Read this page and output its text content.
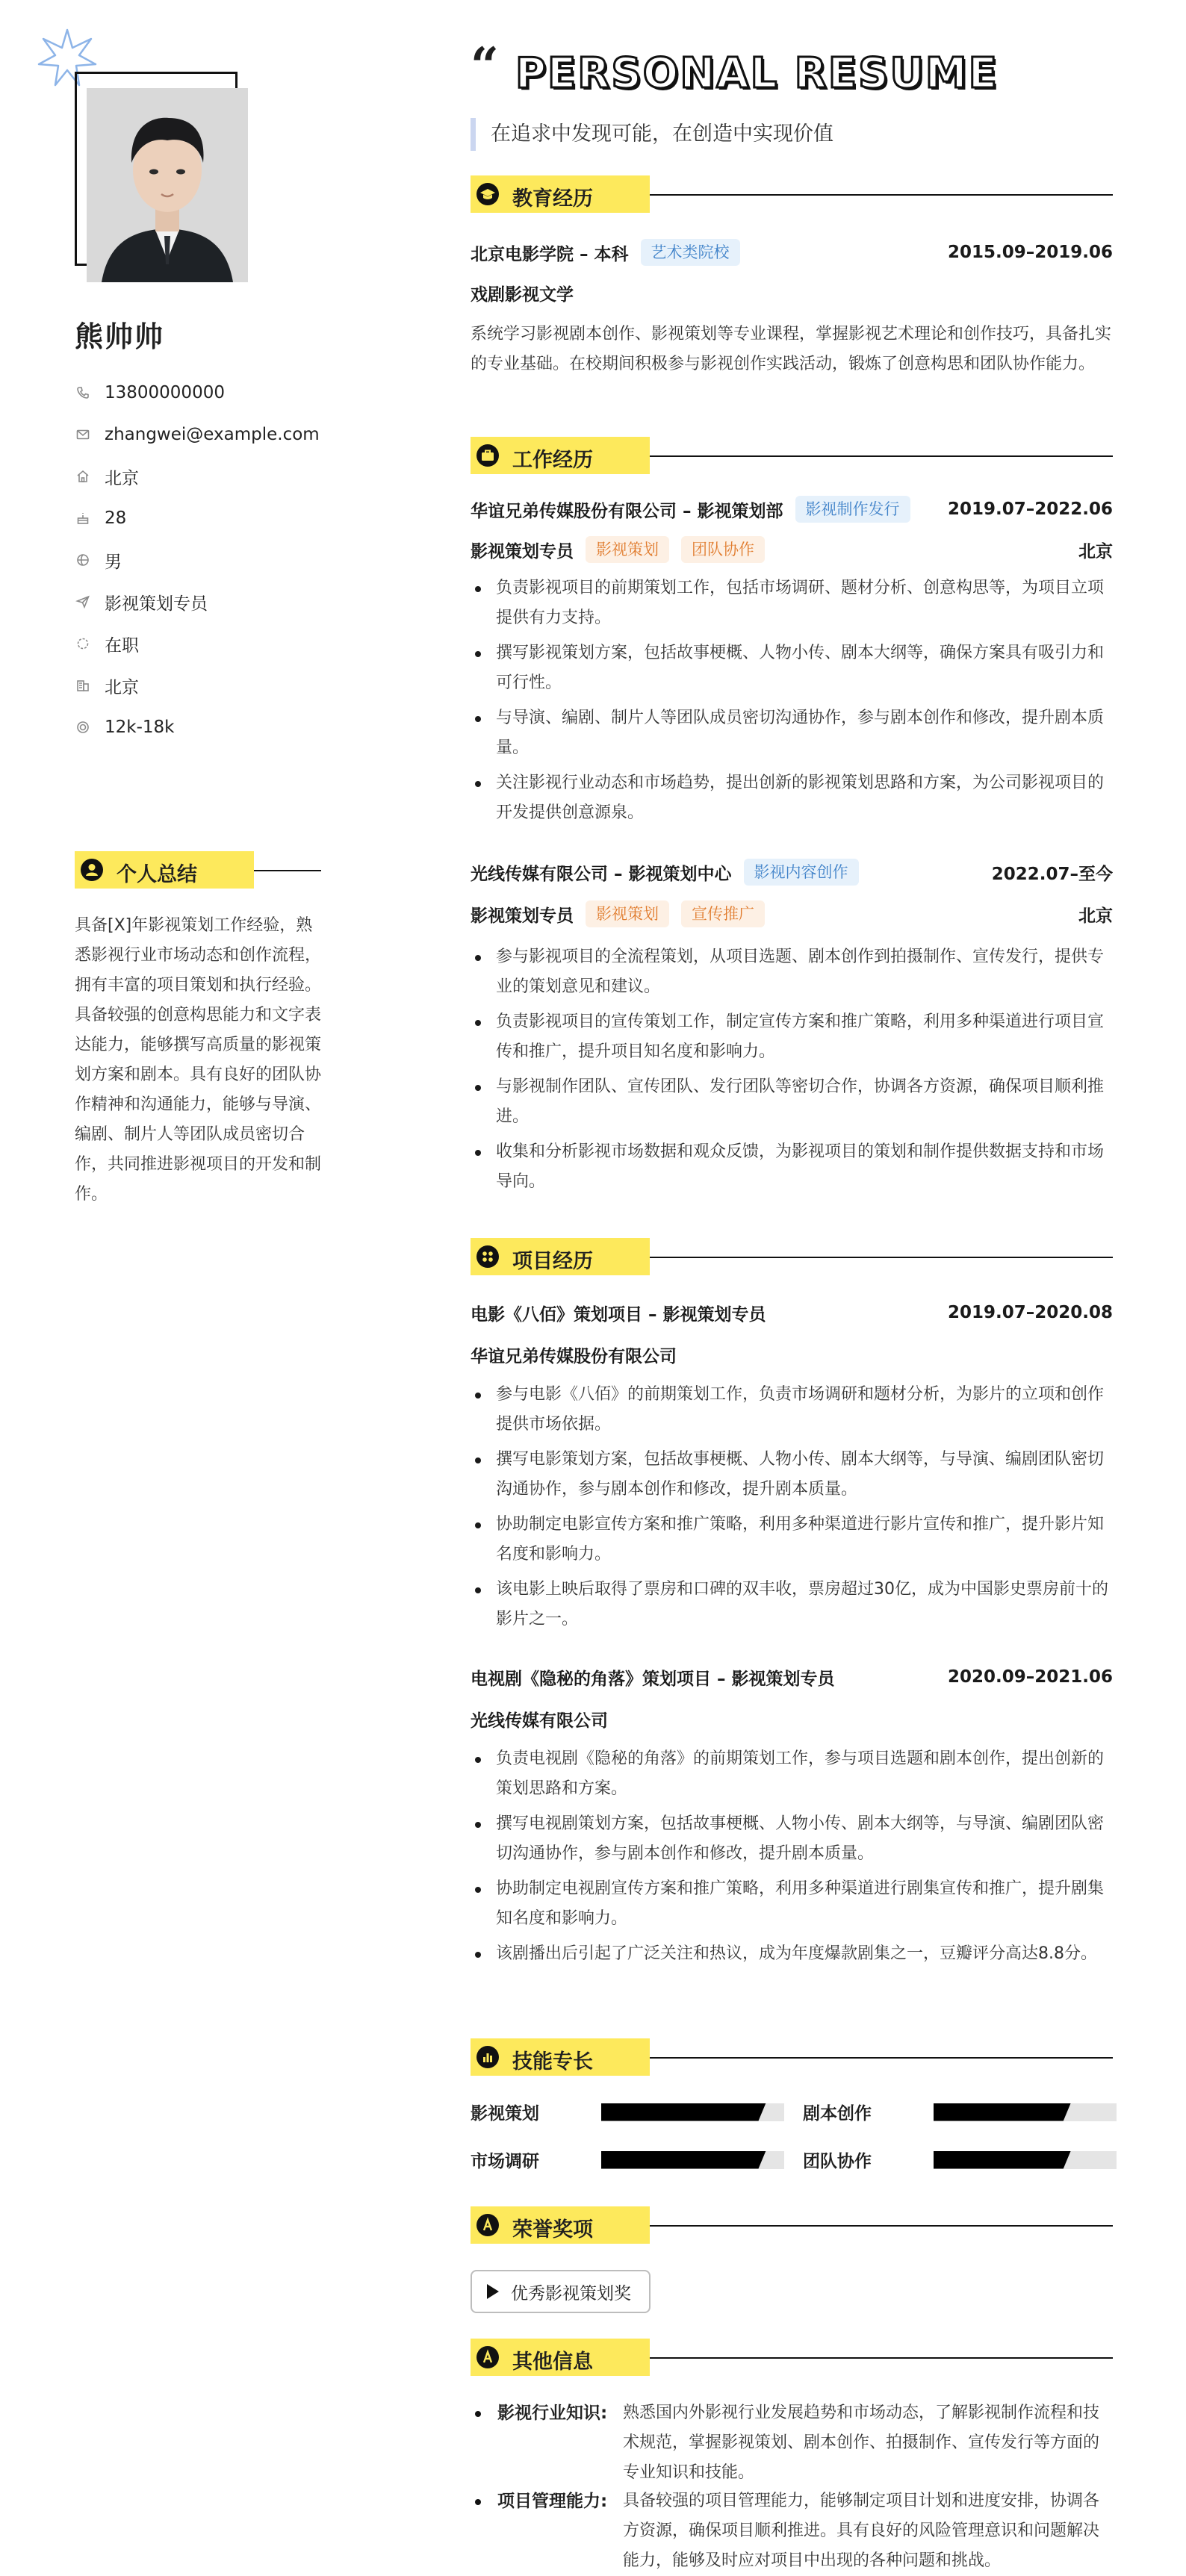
熊帅帅
13800000000
zhangwei@example.com
北京
28
男
影视策划专员
在职
北京
12k-18k
个人总结
具备[X]年影视策划工作经验，熟悉影视行业市场动态和创作流程，拥有丰富的项目策划和执行经验。具备较强的创意构思能力和文字表达能力，能够撰写高质量的影视策划方案和剧本。具有良好的团队协作精神和沟通能力，能够与导演、编剧、制片人等团队成员密切合作，共同推进影视项目的开发和制作。
“ PERSONAL RESUME
在追求中发现可能，在创造中实现价值
教育经历
北京电影学院 – 本科	艺术类院校	2015.09–2019.06
戏剧影视文学
系统学习影视剧本创作、影视策划等专业课程，掌握影视艺术理论和创作技巧，具备扎实的专业基础。在校期间积极参与影视创作实践活动，锻炼了创意构思和团队协作能力。
工作经历
华谊兄弟传媒股份有限公司 – 影视策划部	影视制作发行	2019.07–2022.06
影视策划专员	影视策划	团队协作	北京
负责影视项目的前期策划工作，包括市场调研、题材分析、创意构思等，为项目立项提供有力支持。
撰写影视策划方案，包括故事梗概、人物小传、剧本大纲等，确保方案具有吸引力和可行性。
与导演、编剧、制片人等团队成员密切沟通协作，参与剧本创作和修改，提升剧本质量。
关注影视行业动态和市场趋势，提出创新的影视策划思路和方案，为公司影视项目的开发提供创意源泉。
光线传媒有限公司 – 影视策划中心	影视内容创作	2022.07–至今
影视策划专员	影视策划	宣传推广	北京
参与影视项目的全流程策划，从项目选题、剧本创作到拍摄制作、宣传发行，提供专业的策划意见和建议。
负责影视项目的宣传策划工作，制定宣传方案和推广策略，利用多种渠道进行项目宣传和推广，提升项目知名度和影响力。
与影视制作团队、宣传团队、发行团队等密切合作，协调各方资源，确保项目顺利推进。
收集和分析影视市场数据和观众反馈，为影视项目的策划和制作提供数据支持和市场导向。
项目经历
电影《八佰》策划项目 – 影视策划专员	2019.07–2020.08
华谊兄弟传媒股份有限公司
参与电影《八佰》的前期策划工作，负责市场调研和题材分析，为影片的立项和创作提供市场依据。
撰写电影策划方案，包括故事梗概、人物小传、剧本大纲等，与导演、编剧团队密切沟通协作，参与剧本创作和修改，提升剧本质量。
协助制定电影宣传方案和推广策略，利用多种渠道进行影片宣传和推广，提升影片知名度和影响力。
该电影上映后取得了票房和口碑的双丰收，票房超过30亿，成为中国影史票房前十的影片之一。
电视剧《隐秘的角落》策划项目 – 影视策划专员	2020.09–2021.06
光线传媒有限公司
负责电视剧《隐秘的角落》的前期策划工作，参与项目选题和剧本创作，提出创新的策划思路和方案。
撰写电视剧策划方案，包括故事梗概、人物小传、剧本大纲等，与导演、编剧团队密切沟通协作，参与剧本创作和修改，提升剧本质量。
协助制定电视剧宣传方案和推广策略，利用多种渠道进行剧集宣传和推广，提升剧集知名度和影响力。
该剧播出后引起了广泛关注和热议，成为年度爆款剧集之一，豆瓣评分高达8.8分。
技能专长
影视策划	剧本创作
市场调研	团队协作
荣誉奖项
优秀影视策划奖
其他信息
影视行业知识: 熟悉国内外影视行业发展趋势和市场动态，了解影视制作流程和技术规范，掌握影视策划、剧本创作、拍摄制作、宣传发行等方面的专业知识和技能。
项目管理能力: 具备较强的项目管理能力，能够制定项目计划和进度安排，协调各方资源，确保项目顺利推进。具有良好的风险管理意识和问题解决能力，能够及时应对项目中出现的各种问题和挑战。
